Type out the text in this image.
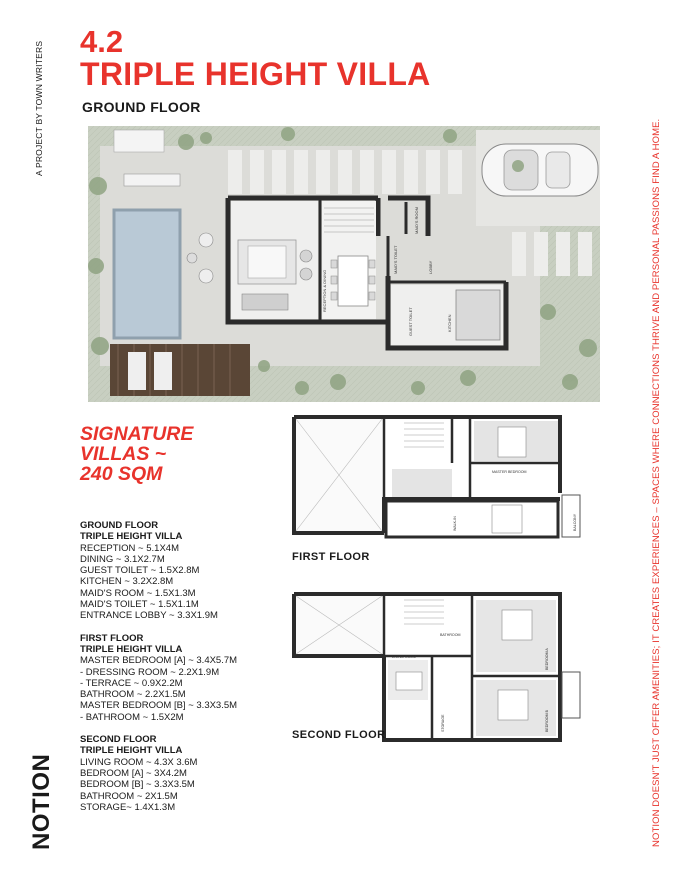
A PROJECT BY TOWN WRITERS
NOTION	NOTION DOESN'T JUST OFFER AMENITIES; IT CREATES EXPERIENCES – SPACES WHERE CONNECTIONS THRIVE AND PERSONAL PASSIONS FIND A HOME.
4.2
TRIPLE HEIGHT VILLA
GROUND FLOOR
RECEPTION & DINING
MAID'S TOILET
MAID'S ROOM
LOBBY
GUEST TOILET	KITCHEN
SIGNATURE
VILLAS ~
240 SQM
GROUND FLOOR
TRIPLE HEIGHT VILLA
RECEPTION ~ 5.1X4M
DINING ~ 3.1X2.7M
GUEST TOILET ~ 1.5X2.8M
KITCHEN ~ 3.2X2.8M
MAID'S ROOM ~ 1.5X1.3M
MAID'S TOILET ~ 1.5X1.1M
ENTRANCE LOBBY ~ 3.3X1.9M
FIRST FLOOR
TRIPLE HEIGHT VILLA
MASTER BEDROOM [A] ~ 3.4X5.7M
- DRESSING ROOM ~ 2.2X1.9M
- TERRACE ~ 0.9X2.2M
BATHROOM ~ 2.2X1.5M
MASTER BEDROOM [B] ~ 3.3X3.5M
- BATHROOM ~ 1.5X2M
SECOND FLOOR
TRIPLE HEIGHT VILLA
LIVING ROOM ~ 4.3X 3.6M
BEDROOM [A] ~ 3X4.2M
BEDROOM [B] ~ 3.3X3.5M
BATHROOM ~ 2X1.5M
STORAGE~ 1.4X1.3M
MASTER BEDROOM
WALK-IN	BALCONY
FIRST FLOOR
LIVING ROOM
STORAGE
BEDROOM A
BEDROOM B
BATHROOM
SECOND FLOOR
